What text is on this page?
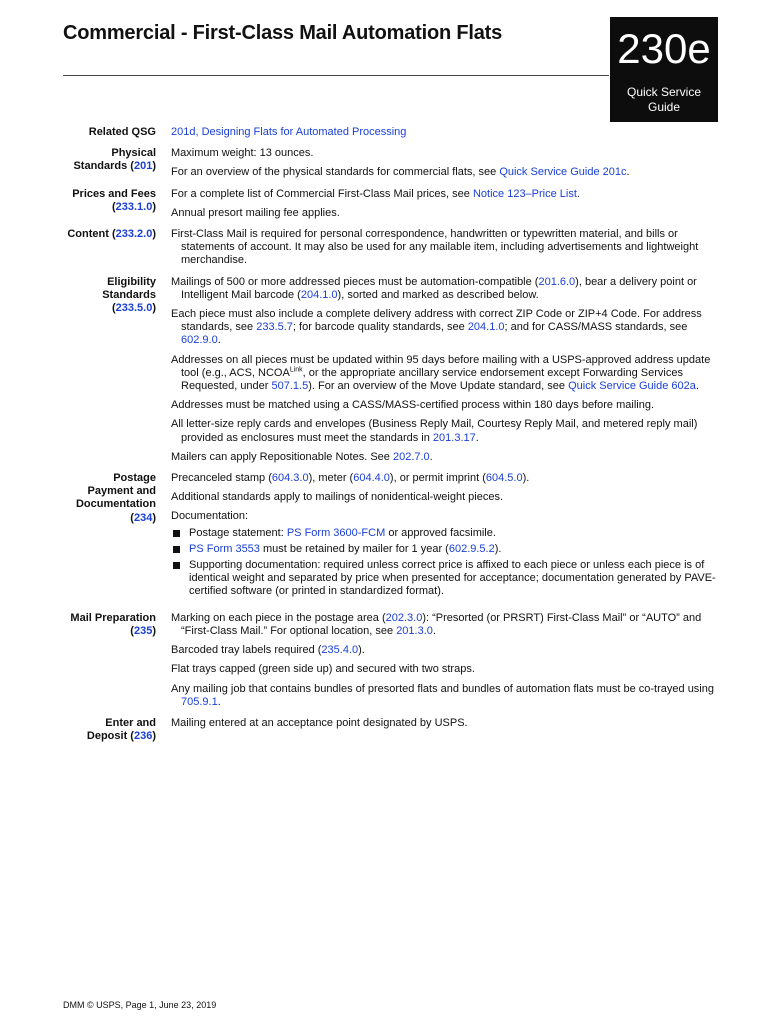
Commercial - First-Class Mail Automation Flats	230e
Quick Service
Guide
Related QSG 201d, Designing Flats for Automated Processing

Physical
Standards (201)

Maximum weight: 13 ounces.

For an overview of the physical standards for commercial flats, see Quick Service Guide 201c.

Prices and Fees
(233.1.0)

For a complete list of Commercial First-Class Mail prices, see Notice 123–Price List.

Annual presort mailing fee applies.

Content (233.2.0) First-Class Mail is required for personal correspondence, handwritten or typewritten material, and bills or statements of account. It may also be used for any mailable item, including advertisements and lightweight merchandise.

Eligibility
Standards
(233.5.0)

Mailings of 500 or more addressed pieces must be automation-compatible (201.6.0), bear a delivery point or Intelligent Mail barcode (204.1.0), sorted and marked as described below.

Each piece must also include a complete delivery address with correct ZIP Code or ZIP+4 Code. For address standards, see 233.5.7; for barcode quality standards, see 204.1.0; and for CASS/MASS standards, see 602.9.0.

Addresses on all pieces must be updated within 95 days before mailing with a USPS-approved address update tool (e.g., ACS, $NCOA^{Link}$, or the appropriate ancillary service endorsement except Forwarding Services Requested, under 507.1.5). For an overview of the Move Update standard, see Quick Service Guide 602a.

Addresses must be matched using a CASS/MASS-certified process within 180 days before mailing.

All letter-size reply cards and envelopes (Business Reply Mail, Courtesy Reply Mail, and metered reply mail) provided as enclosures must meet the standards in 201.3.17.

Mailers can apply Repositionable Notes. See 202.7.0.

Postage
Payment and
Documentation
(234)

Precanceled stamp (604.3.0), meter (604.4.0), or permit imprint (604.5.0).

Additional standards apply to mailings of nonidentical-weight pieces.

Documentation:

Postage statement: PS Form 3600-FCM or approved facsimile.
PS Form 3553 must be retained by mailer for 1 year (602.9.5.2).
Supporting documentation: required unless correct price is affixed to each piece or unless each piece is of identical weight and separated by price when presented for acceptance; documentation generated by PAVE-certified software (or printed in standardized format).
Mail Preparation
(235)

Marking on each piece in the postage area (202.3.0): “Presorted (or PRSRT) First-Class Mail” or “AUTO” and “First-Class Mail.” For optional location, see 201.3.0.

Barcoded tray labels required (235.4.0).

Flat trays capped (green side up) and secured with two straps.

Any mailing job that contains bundles of presorted flats and bundles of automation flats must be co-trayed using 705.9.1.

Enter and
Deposit (236)

Mailing entered at an acceptance point designated by USPS.

DMM © USPS, Page 1, June 23, 2019
